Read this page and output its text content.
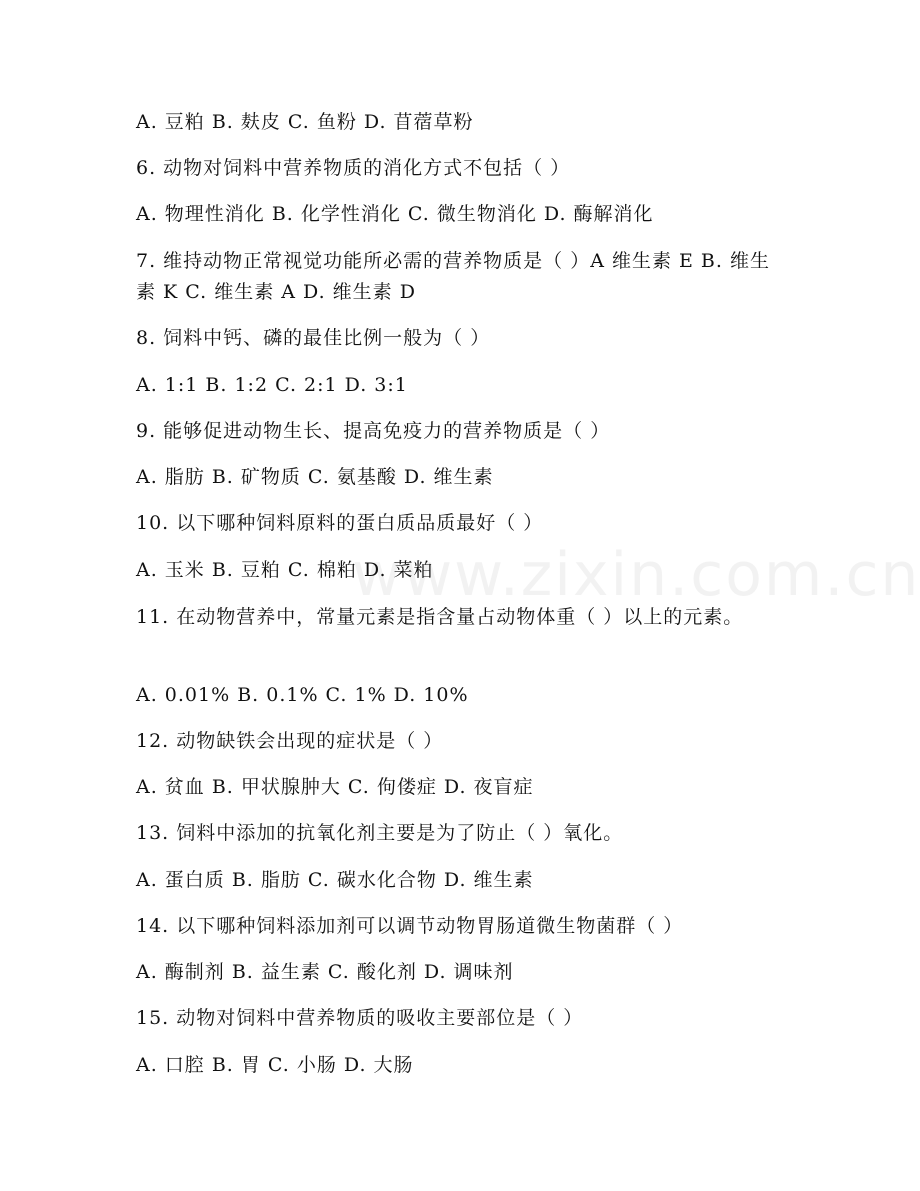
www.zixin.com.cn
A. 豆粕 B. 麸皮 C. 鱼粉 D. 苜蓿草粉
6. 动物对饲料中营养物质的消化方式不包括（ ）
A. 物理性消化 B. 化学性消化 C. 微生物消化 D. 酶解消化
7. 维持动物正常视觉功能所必需的营养物质是（ ）A 维生素 E B. 维生素 K C. 维生素 A D. 维生素 D
8. 饲料中钙、磷的最佳比例一般为（ ）
A. 1:1 B. 1:2 C. 2:1 D. 3:1
9. 能够促进动物生长、提高免疫力的营养物质是（ ）
A. 脂肪 B. 矿物质 C. 氨基酸 D. 维生素
10. 以下哪种饲料原料的蛋白质品质最好（ ）
A. 玉米 B. 豆粕 C. 棉粕 D. 菜粕
11. 在动物营养中，常量元素是指含量占动物体重（ ）以上的元素。
A. 0.01% B. 0.1% C. 1% D. 10%
12. 动物缺铁会出现的症状是（ ）
A. 贫血 B. 甲状腺肿大 C. 佝偻症 D. 夜盲症
13. 饲料中添加的抗氧化剂主要是为了防止（ ）氧化。
A. 蛋白质 B. 脂肪 C. 碳水化合物 D. 维生素
14. 以下哪种饲料添加剂可以调节动物胃肠道微生物菌群（ ）
A. 酶制剂 B. 益生素 C. 酸化剂 D. 调味剂
15. 动物对饲料中营养物质的吸收主要部位是（ ）
A. 口腔 B. 胃 C. 小肠 D. 大肠
